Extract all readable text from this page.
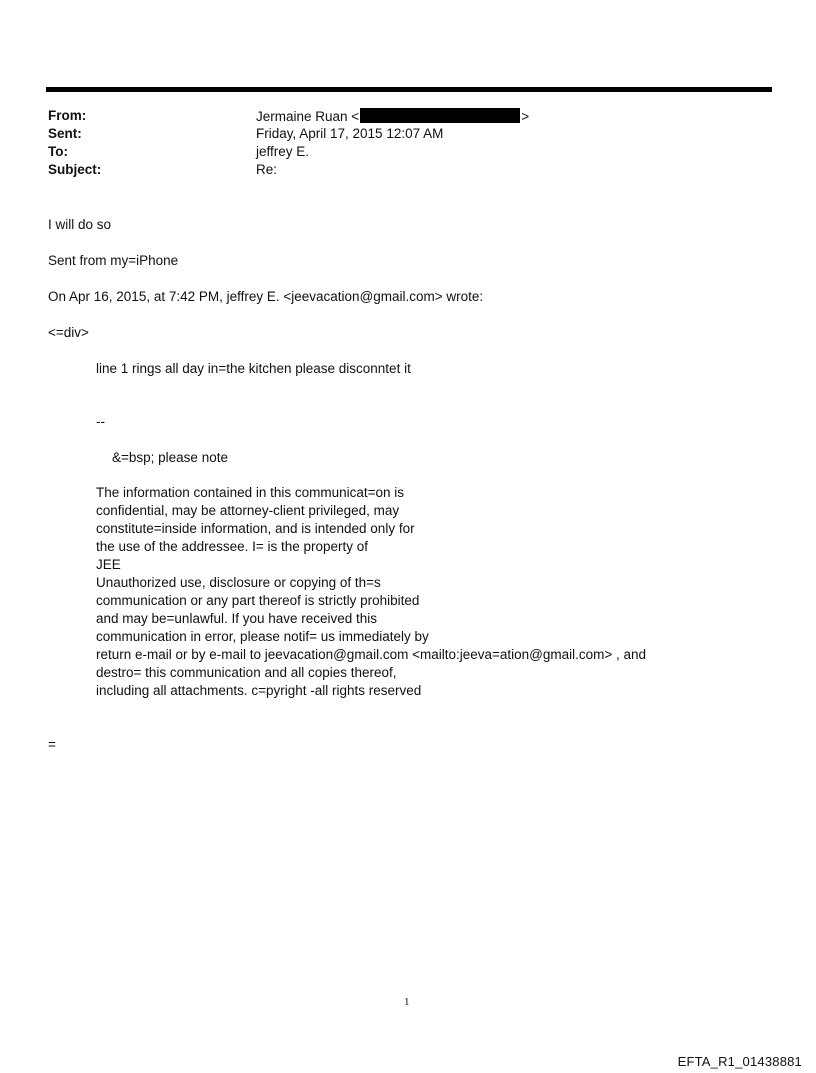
From:	Jermaine Ruan <	>
Sent:	Friday, April 17, 2015 12:07 AM
To:	jeffrey E.
Subject:	Re:
I will do so
Sent from my=iPhone
On Apr 16, 2015, at 7:42 PM, jeffrey E. <jeevacation@gmail.com> wrote:
<=div>
line 1 rings all day in=the kitchen please disconntet it
--
&=bsp; please note
The information contained in this communicat=on is
confidential, may be attorney-client privileged, may
constitute=inside information, and is intended only for
the use of the addressee. I= is the property of
JEE
Unauthorized use, disclosure or copying of th=s
communication or any part thereof is strictly prohibited
and may be=unlawful. If you have received this
communication in error, please notif= us immediately by
return e-mail or by e-mail to jeevacation@gmail.com <mailto:jeeva=ation@gmail.com> , and
destro= this communication and all copies thereof,
including all attachments. c=pyright -all rights reserved
=
1
EFTA_R1_01438881
